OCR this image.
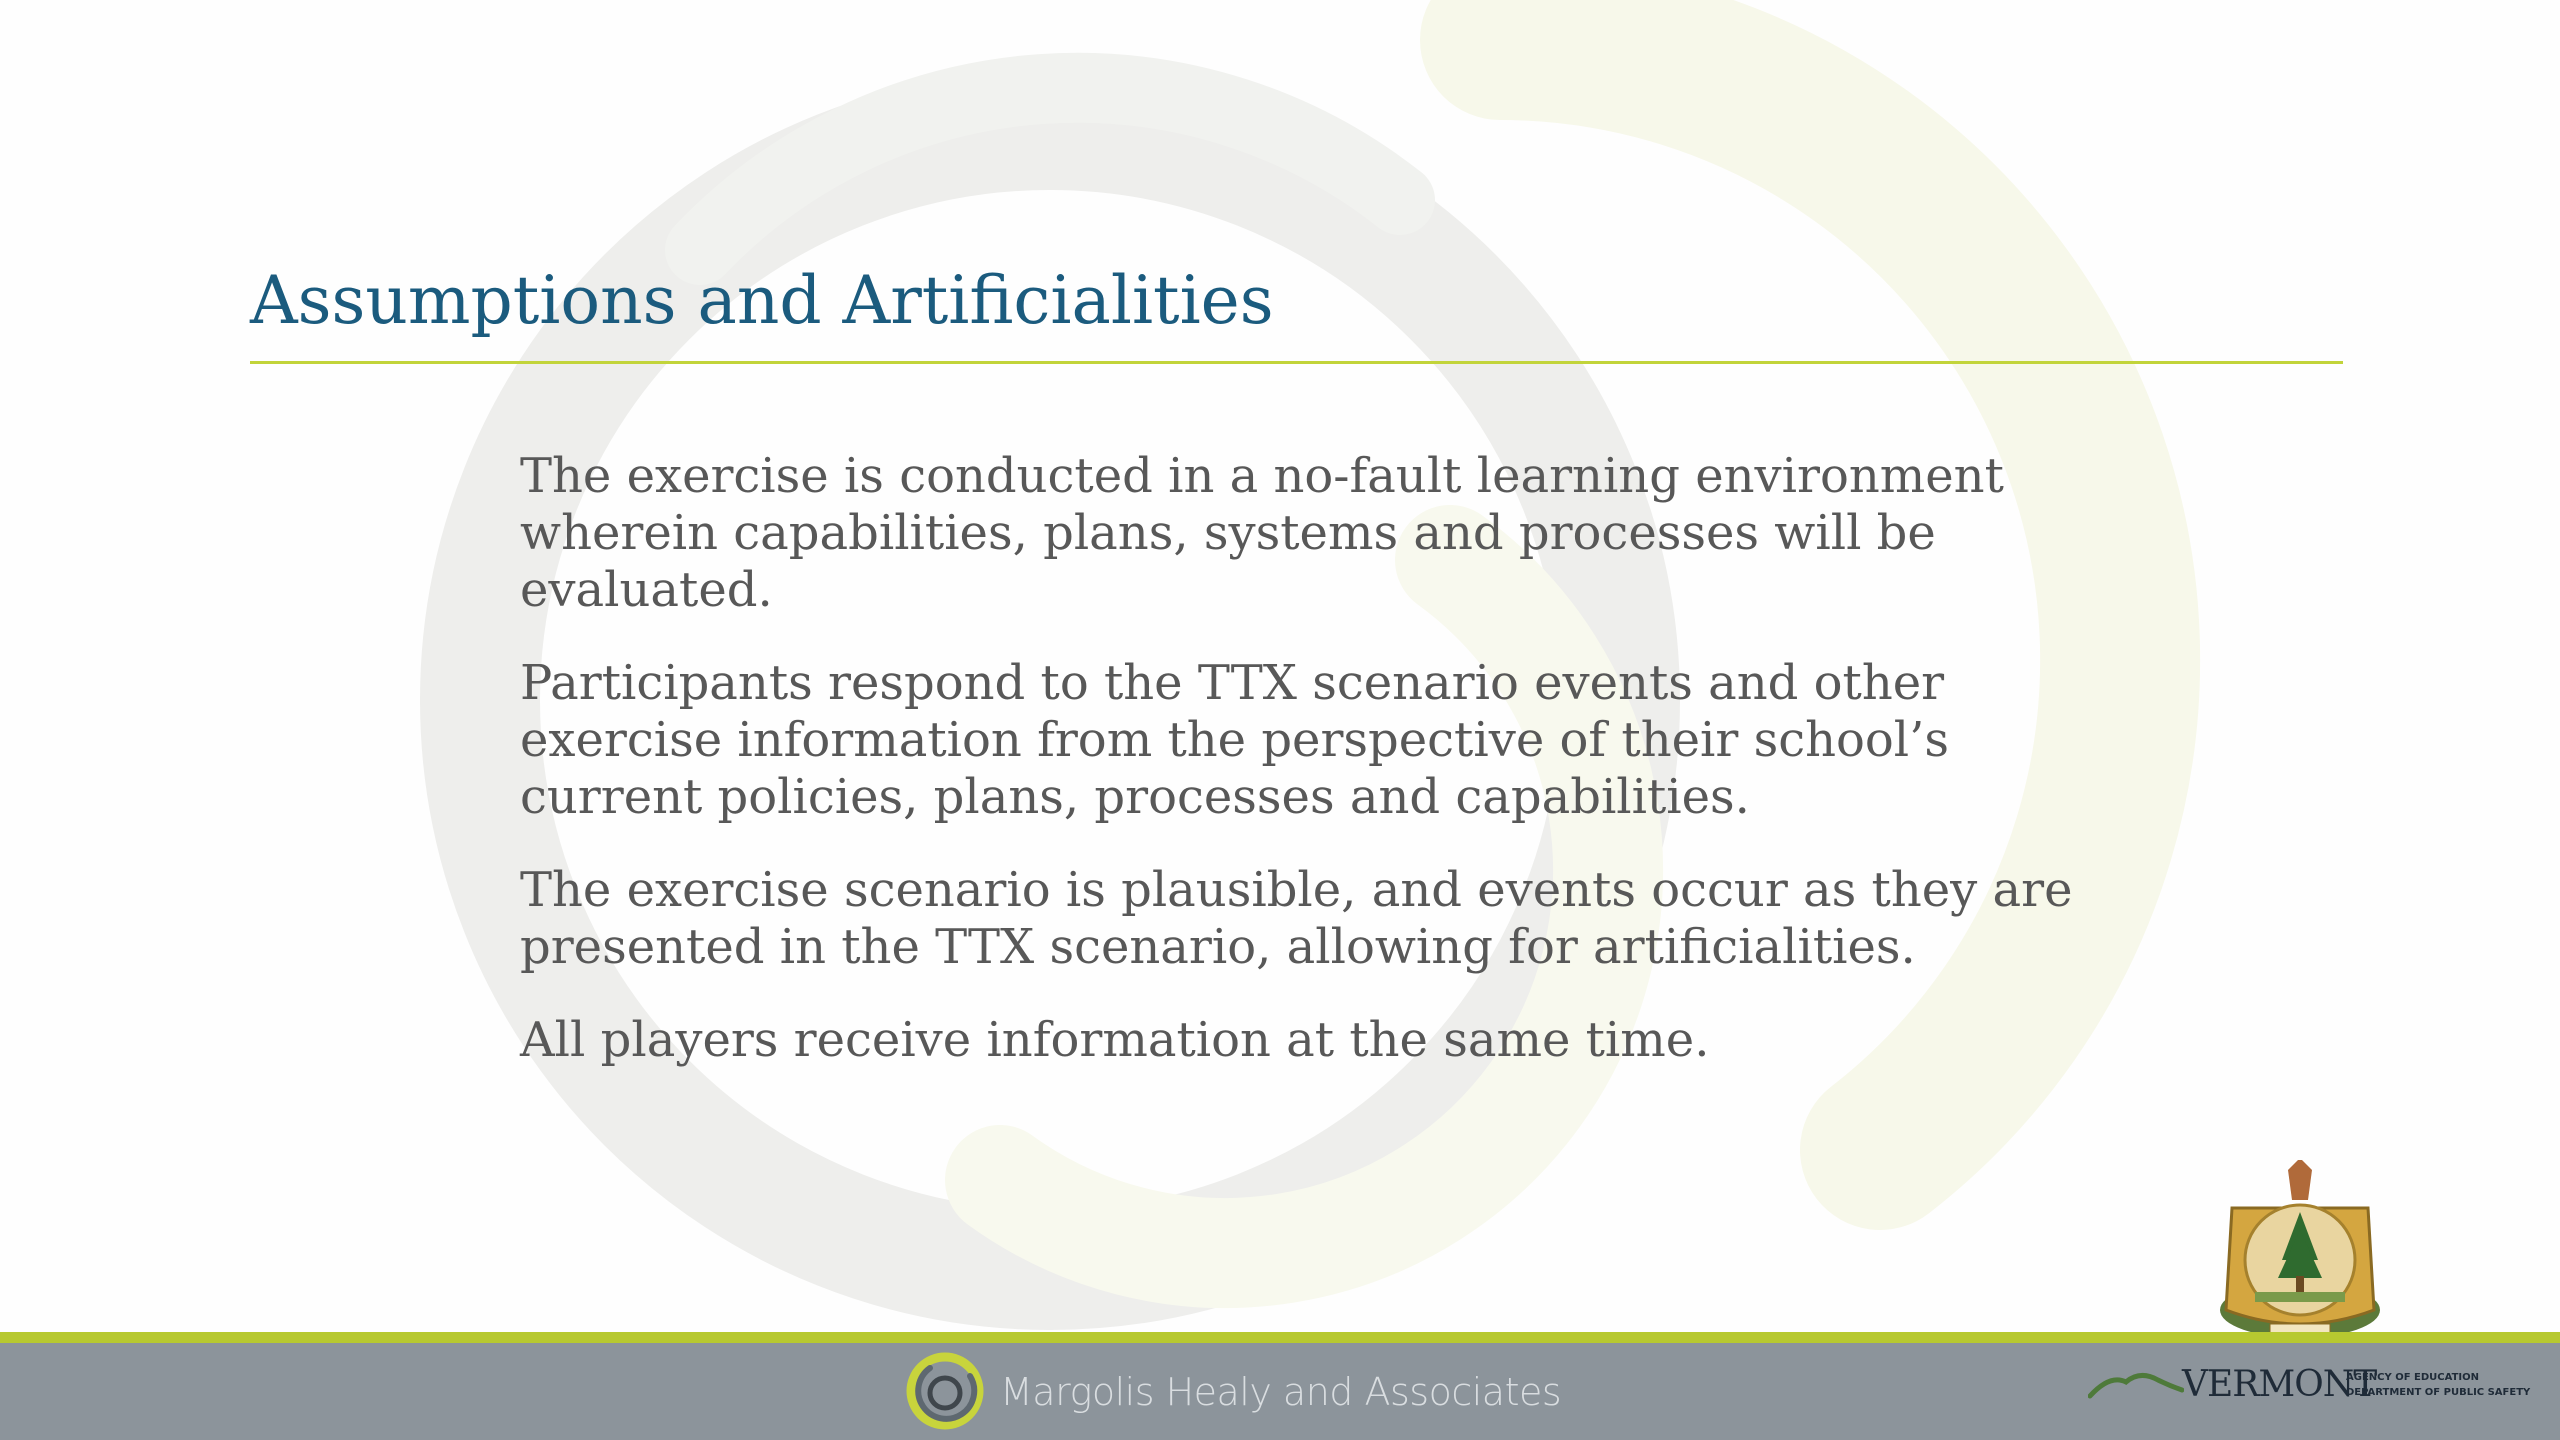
Assumptions and Artificialities
The exercise is conducted in a no-fault learning environment wherein capabilities, plans, systems and processes will be evaluated.
Participants respond to the TTX scenario events and other exercise information from the perspective of their school’s current policies, plans, processes and capabilities.
The exercise scenario is plausible, and events occur as they are presented in the TTX scenario, allowing for artificialities.
All players receive information at the same time.
Margolis Healy and Associates	VERMONT
AGENCY OF EDUCATION
DEPARTMENT OF PUBLIC SAFETY
